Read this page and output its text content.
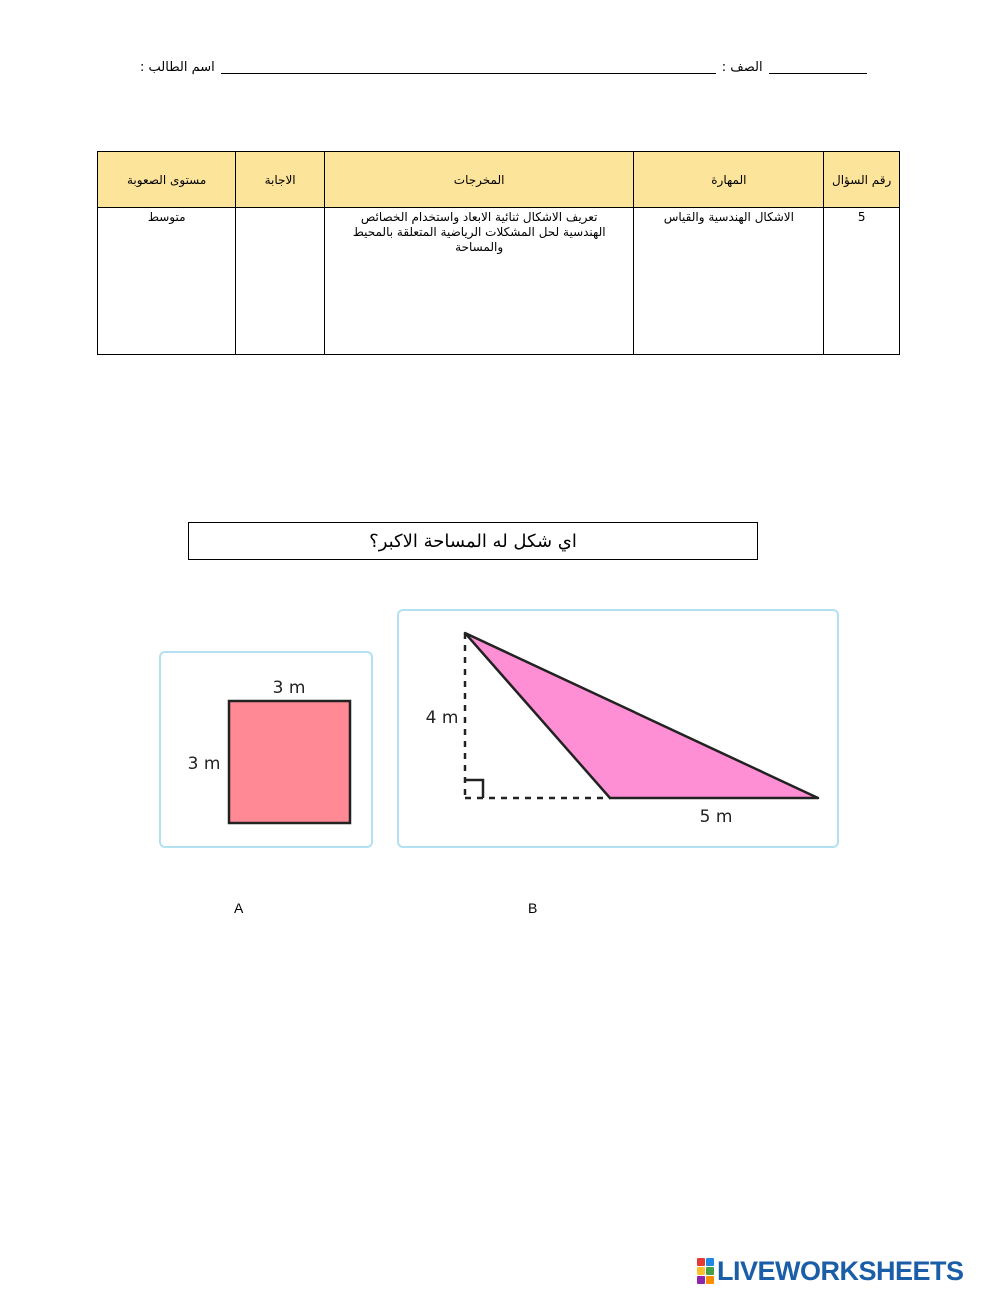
اسم الطالب :	الصف :
رقم السؤال	المهارة	المخرجات	الاجابة	مستوى الصعوبة
5	الاشكال الهندسية والقياس	تعريف الاشكال ثنائية الابعاد واستخدام الخصائص الهندسية لحل المشكلات الرياضية المتعلقة بالمحيط والمساحة		متوسط
اي شكل له المساحة الاكبر؟
3 m
3 m
4 m
5 m
A	B
LIVEWORKSHEETS
